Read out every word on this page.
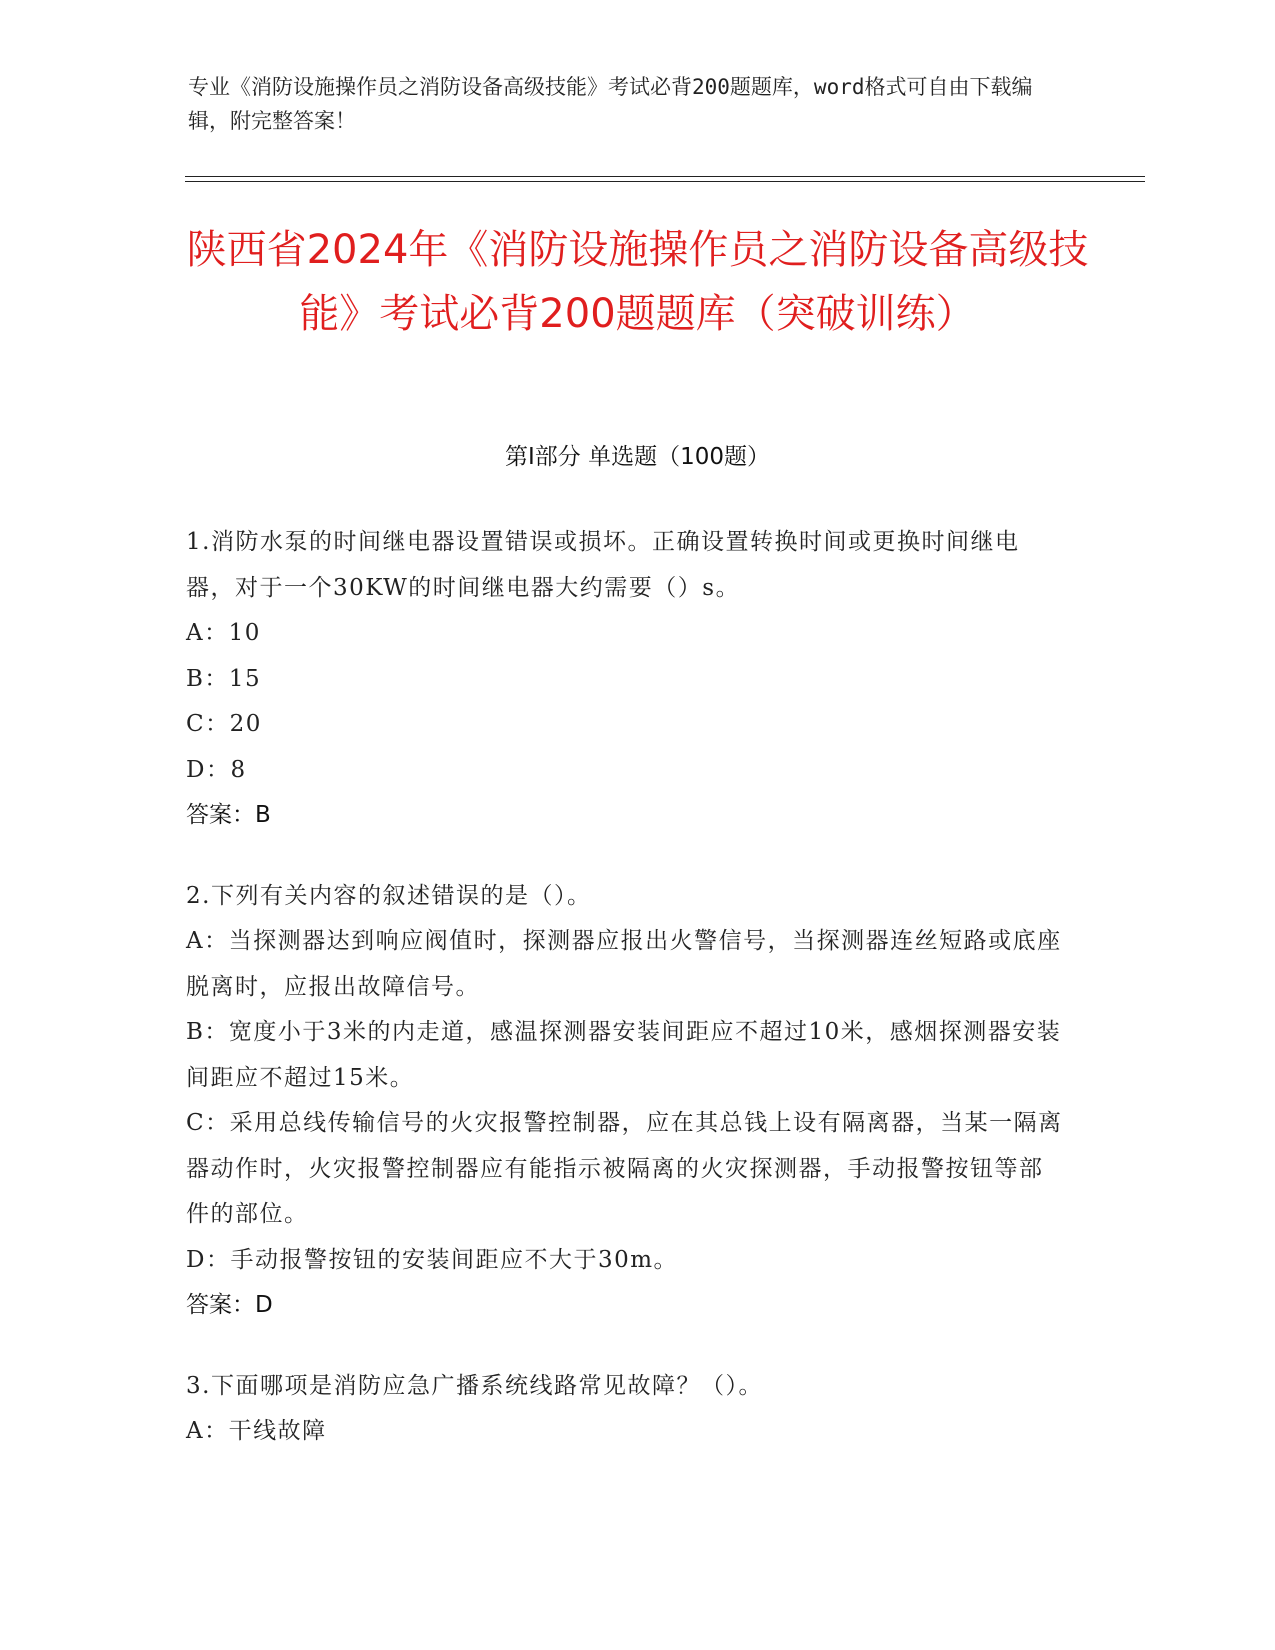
专业《消防设施操作员之消防设备高级技能》考试必背200题题库，word格式可自由下载编辑，附完整答案！
陕西省2024年《消防设施操作员之消防设备高级技能》考试必背200题题库（突破训练）
第I部分 单选题（100题）
1.消防水泵的时间继电器设置错误或损坏。正确设置转换时间或更换时间继电器，对于一个30KW的时间继电器大约需要（）s。
A：10
B：15
C：20
D：8
答案：B
2.下列有关内容的叙述错误的是（）。
A：当探测器达到响应阀值时，探测器应报出火警信号，当探测器连丝短路或底座脱离时，应报出故障信号。
B：宽度小于3米的内走道，感温探测器安装间距应不超过10米，感烟探测器安装间距应不超过15米。
C：采用总线传输信号的火灾报警控制器，应在其总钱上设有隔离器，当某一隔离器动作时，火灾报警控制器应有能指示被隔离的火灾探测器，手动报警按钮等部件的部位。
D：手动报警按钮的安装间距应不大于30m。
答案：D
3.下面哪项是消防应急广播系统线路常见故障？（）。
A：干线故障
